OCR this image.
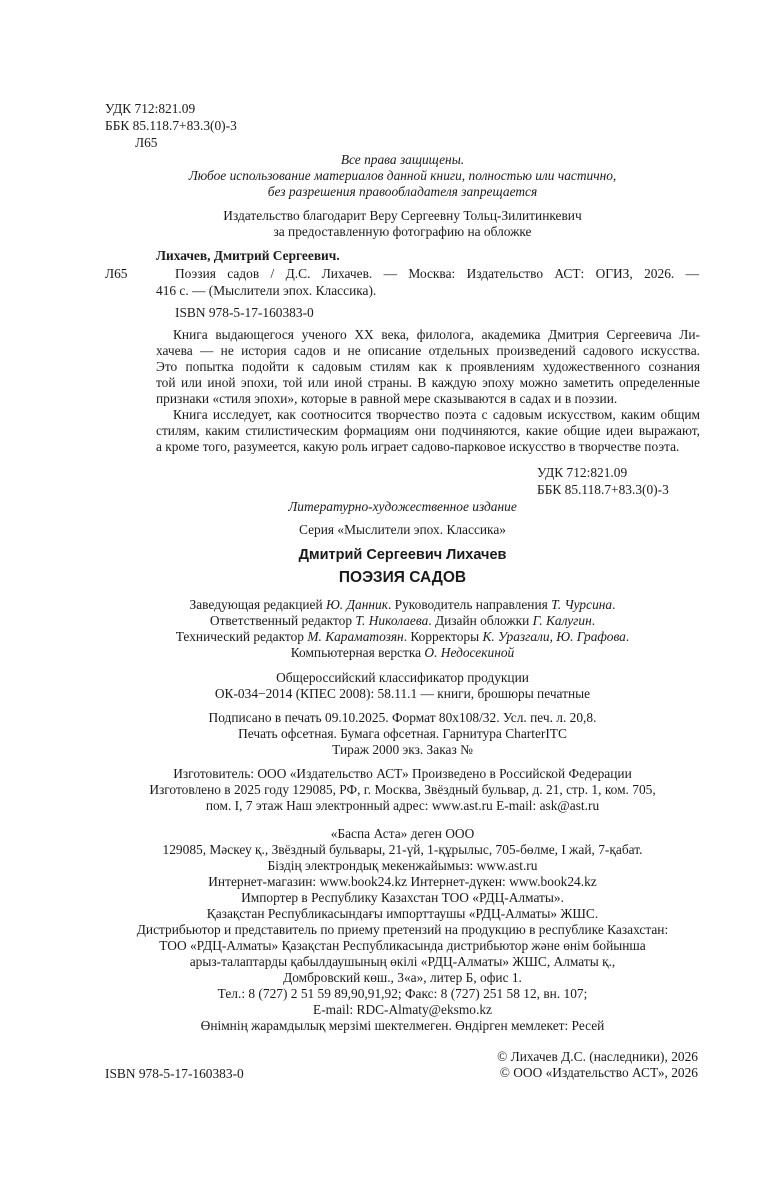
УДК 712:821.09
ББК 85.118.7+83.3(0)-3
Л65
Все права защищены.
Любое использование материалов данной книги, полностью или частично,
без разрешения правообладателя запрещается
Издательство благодарит Веру Сергеевну Тольц-Зилитинкевич
за предоставленную фотографию на обложке
Лихачев, Дмитрий Сергеевич.
Л65	Поэзия садов / Д.С. Лихачев. — Москва: Издательство АСТ: ОГИЗ, 2026. —
416 с. — (Мыслители эпох. Классика).
ISBN 978-5-17-160383-0
Книга выдающегося ученого XX века, филолога, академика Дмитрия Сергеевича Ли-
хачева — не история садов и не описание отдельных произведений садового искусства.
Это попытка подойти к садовым стилям как к проявлениям художественного сознания
той или иной эпохи, той или иной страны. В каждую эпоху можно заметить определенные
признаки «стиля эпохи», которые в равной мере сказываются в садах и в поэзии.
Книга исследует, как соотносится творчество поэта с садовым искусством, каким общим
стилям, каким стилистическим формациям они подчиняются, какие общие идеи выражают,
а кроме того, разумеется, какую роль играет садово-парковое искусство в творчестве поэта.
УДК 712:821.09
ББК 85.118.7+83.3(0)-3
Литературно-художественное издание
Серия «Мыслители эпох. Классика»
Дмитрий Сергеевич Лихачев
ПОЭЗИЯ САДОВ
Заведующая редакцией Ю. Данник. Руководитель направления Т. Чурсина.
Ответственный редактор Т. Николаева. Дизайн обложки Г. Калугин.
Технический редактор М. Караматозян. Корректоры К. Уразгали, Ю. Графова.
Компьютерная верстка О. Недосекиной
Общероссийский классификатор продукции
ОК-034−2014 (КПЕС 2008): 58.11.1 — книги, брошюры печатные
Подписано в печать 09.10.2025. Формат 80x108/32. Усл. печ. л. 20,8.
Печать офсетная. Бумага офсетная. Гарнитура CharterITC
Тираж 2000 экз. Заказ №
Изготовитель: ООО «Издательство АСТ» Произведено в Российской Федерации
Изготовлено в 2025 году 129085, РФ, г. Москва, Звёздный бульвар, д. 21, стр. 1, ком. 705,
пом. I, 7 этаж Наш электронный адрес: www.ast.ru E-mail: ask@ast.ru
«Баспа Аста» деген ООО
129085, Мәскеу қ., Звёздный бульвары, 21-үй, 1-құрылыс, 705-бөлме, I жай, 7-қабат.
Біздің электрондық мекенжайымыз: www.ast.ru
Интернет-магазин: www.book24.kz Интернет-дүкен: www.book24.kz
Импортер в Республику Казахстан ТОО «РДЦ-Алматы».
Қазақстан Республикасындағы импорттаушы «РДЦ-Алматы» ЖШС.
Дистрибьютор и представитель по приему претензий на продукцию в республике Казахстан:
ТОО «РДЦ-Алматы» Қазақстан Республикасында дистрибьютор және өнім бойынша
арыз-талаптарды қабылдаушының өкілі «РДЦ-Алматы» ЖШС, Алматы қ.,
Домбровский көш., 3«а», литер Б, офис 1.
Тел.: 8 (727) 2 51 59 89,90,91,92; Факс: 8 (727) 251 58 12, вн. 107;
E-mail: RDC-Almaty@eksmo.kz
Өнімнің жарамдылық мерзімі шектелмеген. Өндірген мемлекет: Ресей
ISBN 978-5-17-160383-0
© Лихачев Д.С. (наследники), 2026
© ООО «Издательство АСТ», 2026
